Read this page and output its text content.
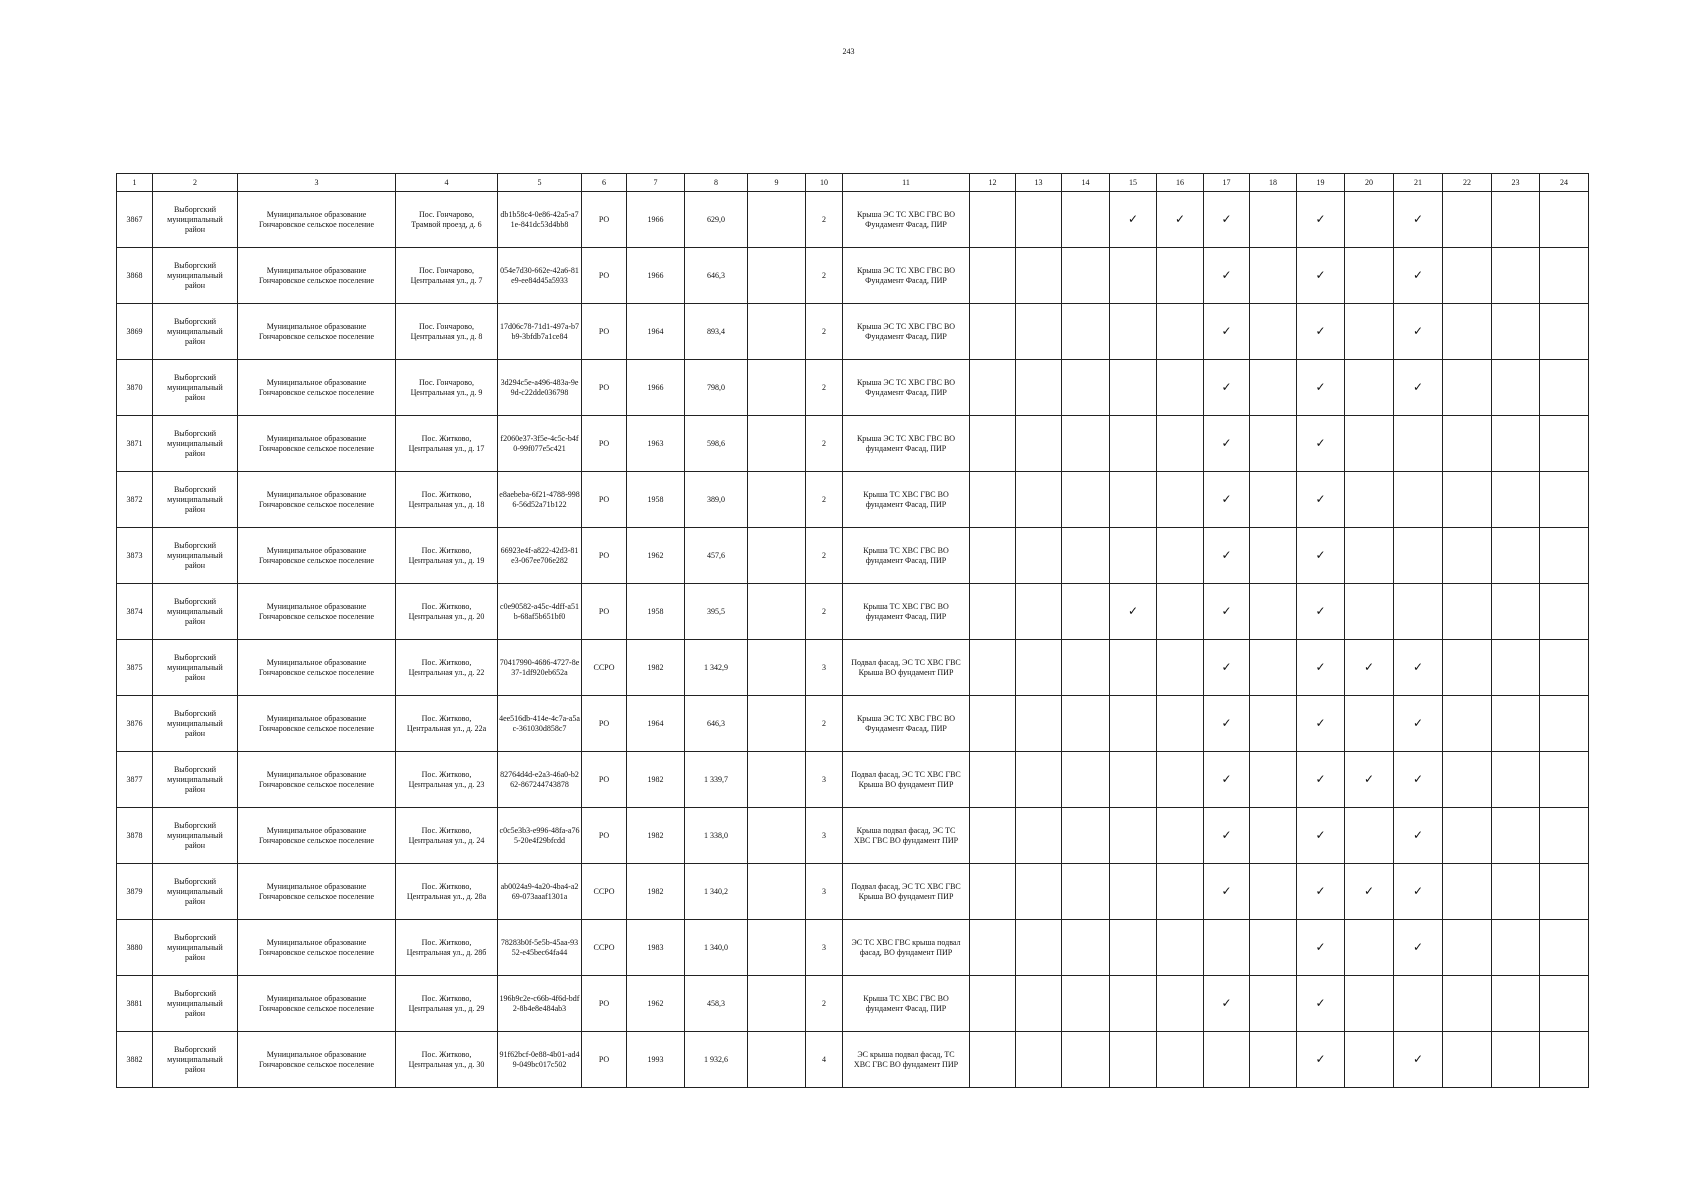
243
1	2	3	4	5	6	7	8	9	10	11	12	13	14	15	16	17	18	19	20	21	22	23	24
3867	Выборгский
муниципальный
район	Муниципальное образование
Гончаровское сельское поселение	Пос. Гончарово,
Трамвой проезд, д. 6	db1b58c4-0e86-42a5-a71e-841dc53d4bb8	РО	1966	629,0		2	Крыша ЭС ТС ХВС ГВС ВО
Фундамент Фасад, ПИР				✓	✓	✓		✓		✓			
3868	Выборгский
муниципальный
район	Муниципальное образование
Гончаровское сельское поселение	Пос. Гончарово,
Центральная ул., д. 7	054e7d30-662e-42a6-81e9-ee84d45a5933	РО	1966	646,3		2	Крыша ЭС ТС ХВС ГВС ВО
Фундамент Фасад, ПИР						✓		✓		✓			
3869	Выборгский
муниципальный
район	Муниципальное образование
Гончаровское сельское поселение	Пос. Гончарово,
Центральная ул., д. 8	17d06c78-71d1-497a-b7b9-3bfdb7a1ce84	РО	1964	893,4		2	Крыша ЭС ТС ХВС ГВС ВО
Фундамент Фасад, ПИР						✓		✓		✓			
3870	Выборгский
муниципальный
район	Муниципальное образование
Гончаровское сельское поселение	Пос. Гончарово,
Центральная ул., д. 9	3d294c5e-a496-483a-9e9d-c22dde036798	РО	1966	798,0		2	Крыша ЭС ТС ХВС ГВС ВО
Фундамент Фасад, ПИР						✓		✓		✓			
3871	Выборгский
муниципальный
район	Муниципальное образование
Гончаровское сельское поселение	Пос. Житково,
Центральная ул., д. 17	f2060e37-3f5e-4c5c-b4f0-99f077e5c421	РО	1963	598,6		2	Крыша ЭС ТС ХВС ГВС ВО
фундамент Фасад, ПИР						✓		✓					
3872	Выборгский
муниципальный
район	Муниципальное образование
Гончаровское сельское поселение	Пос. Житково,
Центральная ул., д. 18	e8aebeba-6f21-4788-9986-56d52a71b122	РО	1958	389,0		2	Крыша ТС ХВС ГВС ВО
фундамент Фасад, ПИР						✓		✓					
3873	Выборгский
муниципальный
район	Муниципальное образование
Гончаровское сельское поселение	Пос. Житково,
Центральная ул., д. 19	66923e4f-a822-42d3-81e3-067ee706e282	РО	1962	457,6		2	Крыша ТС ХВС ГВС ВО
фундамент Фасад, ПИР						✓		✓					
3874	Выборгский
муниципальный
район	Муниципальное образование
Гончаровское сельское поселение	Пос. Житково,
Центральная ул., д. 20	c0e90582-a45c-4dff-a51b-68af5b651bf0	РО	1958	395,5		2	Крыша ТС ХВС ГВС ВО
фундамент Фасад, ПИР				✓		✓		✓					
3875	Выборгский
муниципальный
район	Муниципальное образование
Гончаровское сельское поселение	Пос. Житково,
Центральная ул., д. 22	70417990-4686-4727-8e37-1df920eb652a	ССРО	1982	1 342,9		3	Подвал фасад, ЭС ТС ХВС ГВС
Крыша ВО фундамент ПИР						✓		✓	✓	✓			
3876	Выборгский
муниципальный
район	Муниципальное образование
Гончаровское сельское поселение	Пос. Житково,
Центральная ул., д. 22а	4ee516db-414e-4c7a-a5ac-361030d858c7	РО	1964	646,3		2	Крыша ЭС ТС ХВС ГВС ВО
Фундамент Фасад, ПИР						✓		✓		✓			
3877	Выборгский
муниципальный
район	Муниципальное образование
Гончаровское сельское поселение	Пос. Житково,
Центральная ул., д. 23	82764d4d-e2a3-46a0-b262-867244743878	РО	1982	1 339,7		3	Подвал фасад, ЭС ТС ХВС ГВС
Крыша ВО фундамент ПИР						✓		✓	✓	✓			
3878	Выборгский
муниципальный
район	Муниципальное образование
Гончаровское сельское поселение	Пос. Житково,
Центральная ул., д. 24	c0c5e3b3-e996-48fa-a765-20e4f29bfcdd	РО	1982	1 338,0		3	Крыша подвал фасад, ЭС ТС
ХВС ГВС ВО фундамент ПИР						✓		✓		✓			
3879	Выборгский
муниципальный
район	Муниципальное образование
Гончаровское сельское поселение	Пос. Житково,
Центральная ул., д. 28а	ab0024a9-4a20-4ba4-a269-073aaaf1301a	ССРО	1982	1 340,2		3	Подвал фасад, ЭС ТС ХВС ГВС
Крыша ВО фундамент ПИР						✓		✓	✓	✓			
3880	Выборгский
муниципальный
район	Муниципальное образование
Гончаровское сельское поселение	Пос. Житково,
Центральная ул., д. 28б	78283b0f-5e5b-45aa-9352-e45bec64fa44	ССРО	1983	1 340,0		3	ЭС ТС ХВС ГВС крыша подвал
фасад, ВО фундамент ПИР								✓		✓			
3881	Выборгский
муниципальный
район	Муниципальное образование
Гончаровское сельское поселение	Пос. Житково,
Центральная ул., д. 29	196b9c2e-c66b-4f6d-bdf2-8b4e8e484ab3	РО	1962	458,3		2	Крыша ТС ХВС ГВС ВО
фундамент Фасад, ПИР						✓		✓					
3882	Выборгский
муниципальный
район	Муниципальное образование
Гончаровское сельское поселение	Пос. Житково,
Центральная ул., д. 30	91f62bcf-0e88-4b01-ad49-049bc017c502	РО	1993	1 932,6		4	ЭС крыша подвал фасад, ТС
ХВС ГВС ВО фундамент ПИР								✓		✓			
